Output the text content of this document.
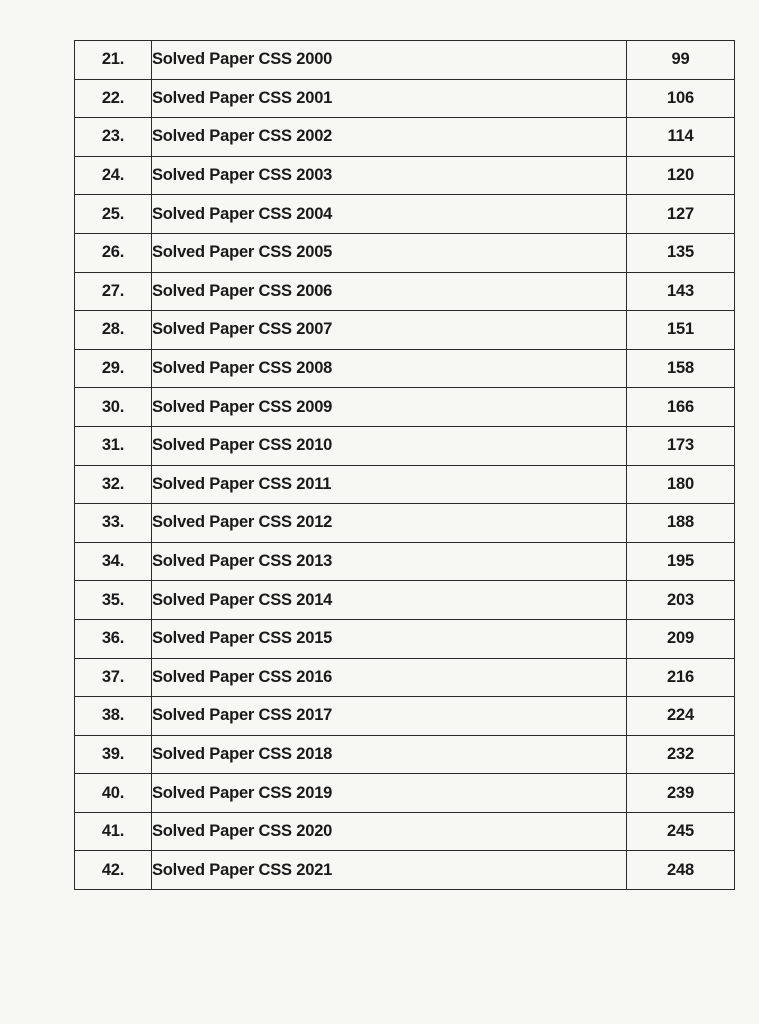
21.	Solved Paper CSS 2000	99
22.	Solved Paper CSS 2001	106
23.	Solved Paper CSS 2002	114
24.	Solved Paper CSS 2003	120
25.	Solved Paper CSS 2004	127
26.	Solved Paper CSS 2005	135
27.	Solved Paper CSS 2006	143
28.	Solved Paper CSS 2007	151
29.	Solved Paper CSS 2008	158
30.	Solved Paper CSS 2009	166
31.	Solved Paper CSS 2010	173
32.	Solved Paper CSS 2011	180
33.	Solved Paper CSS 2012	188
34.	Solved Paper CSS 2013	195
35.	Solved Paper CSS 2014	203
36.	Solved Paper CSS 2015	209
37.	Solved Paper CSS 2016	216
38.	Solved Paper CSS 2017	224
39.	Solved Paper CSS 2018	232
40.	Solved Paper CSS 2019	239
41.	Solved Paper CSS 2020	245
42.	Solved Paper CSS 2021	248
